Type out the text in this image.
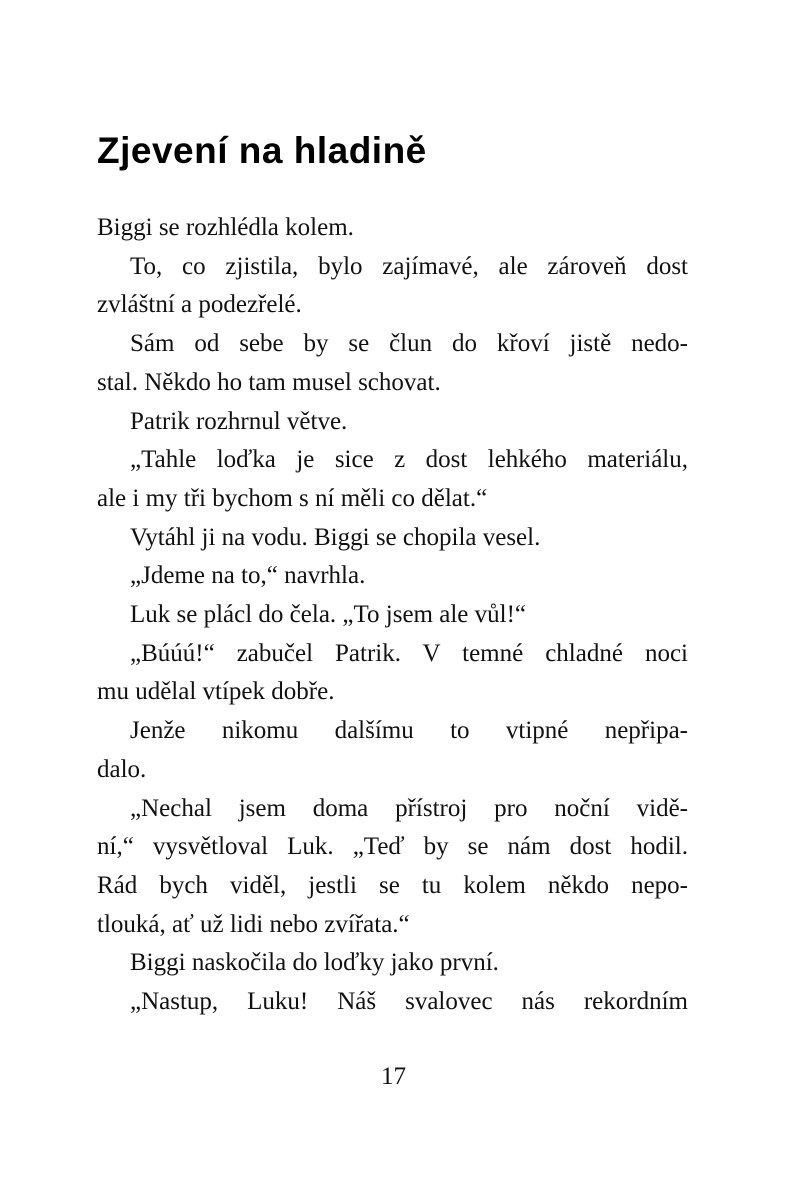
Zjevení na hladině

Biggi se rozhlédla kolem.

To, co zjistila, bylo zajímavé, ale zároveň dost
zvláštní a podezřelé.

Sám od sebe by se člun do křoví jistě nedo-
stal. Někdo ho tam musel schovat.

Patrik rozhrnul větve.

„Tahle loďka je sice z dost lehkého materiálu,
ale i my tři bychom s ní měli co dělat.“

Vytáhl ji na vodu. Biggi se chopila vesel.

„Jdeme na to,“ navrhla.

Luk se plácl do čela. „To jsem ale vůl!“

„Búúú!“ zabučel Patrik. V temné chladné noci
mu udělal vtípek dobře.

Jenže nikomu dalšímu to vtipné nepřipa-
dalo.

„Nechal jsem doma přístroj pro noční vidě-
ní,“ vysvětloval Luk. „Teď by se nám dost hodil.
Rád bych viděl, jestli se tu kolem někdo nepo-
tlouká, ať už lidi nebo zvířata.“

Biggi naskočila do loďky jako první.

„Nastup, Luku! Náš svalovec nás rekordním

17
